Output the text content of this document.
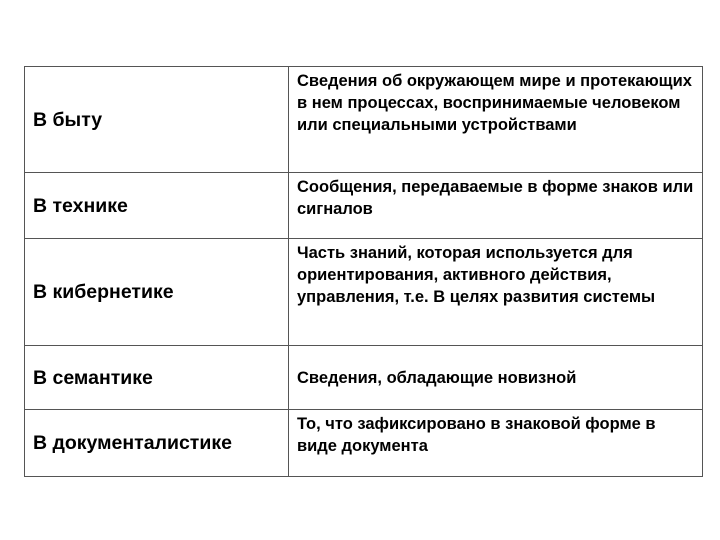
В быту	Сведения об окружающем мире и протекающих в нем процессах, воспринимаемые человеком или специальными устройствами
В технике	Сообщения, передаваемые в форме знаков или сигналов
В кибернетике	Часть знаний, которая используется для ориентирования, активного действия, управления, т.е. В целях развития системы
В семантике	Сведения, обладающие новизной
В документалистике	То, что зафиксировано в знаковой форме в виде документа
